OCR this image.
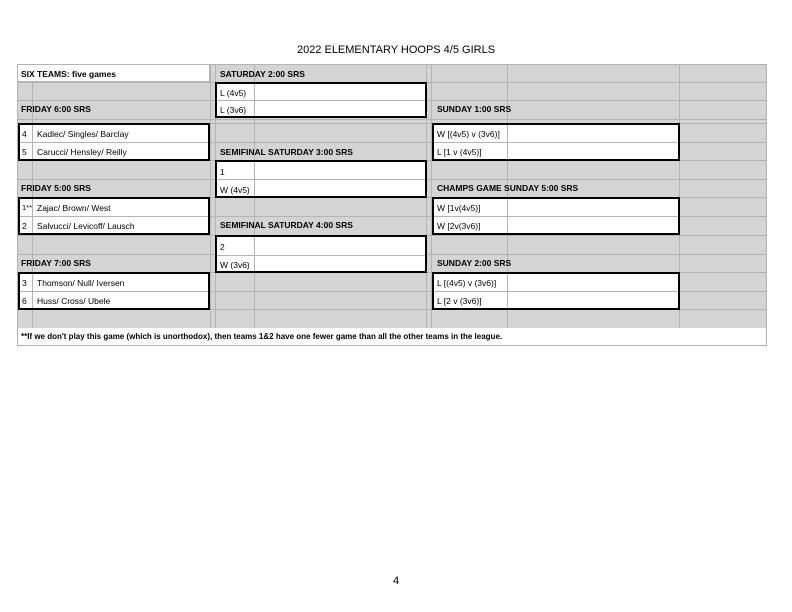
2022 ELEMENTARY HOOPS 4/5 GIRLS
SIX TEAMS: five games	SATURDAY 2:00 SRS
FRIDAY 6:00 SRS	SUNDAY 1:00 SRS
SEMIFINAL SATURDAY 3:00 SRS
FRIDAY 5:00 SRS	CHAMPS GAME SUNDAY 5:00 SRS
SEMIFINAL SATURDAY 4:00 SRS
FRIDAY 7:00 SRS	SUNDAY 2:00 SRS
4 Kadlec/ Singles/ Barclay
5 Carucci/ Hensley/ Reilly
1** Zajac/ Brown/ West
2 Salvucci/ Levicoff/ Lausch
3 Thomson/ Null/ Iversen
6 Huss/ Cross/ Ubele
L (4v5)
L (3v6)
1
W (4v5)
2
W (3v6)
W [(4v5) v (3v6)]
L [1 v (4v5)]
W [1v(4v5)]
W [2v(3v6)]
L [(4v5) v (3v6)]
L [2 v (3v6)]
**If we don't play this game (which is unorthodox), then teams 1&2 have one fewer game than all the other teams in the league.
4
